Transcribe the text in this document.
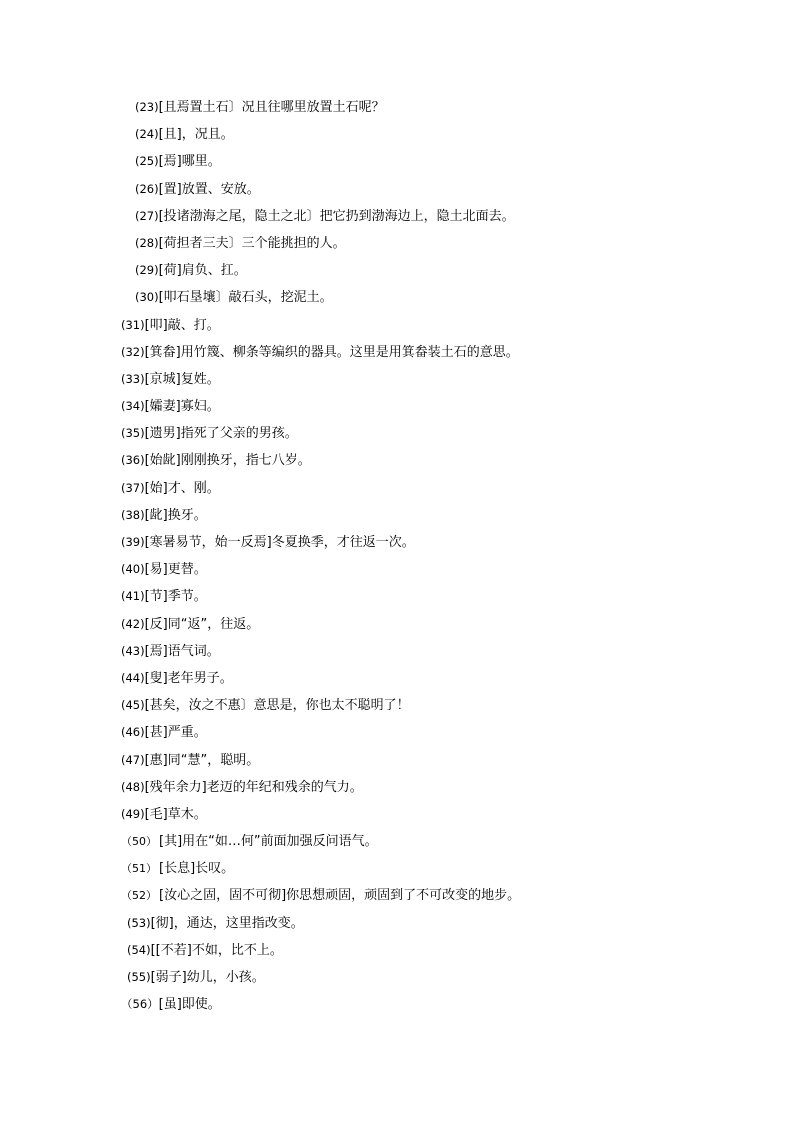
(23)[且焉置土石〕况且往哪里放置土石呢？
(24)[且]，况且。
(25)[焉]哪里。
(26)[置]放置、安放。
(27)[投诸渤海之尾，隐土之北〕把它扔到渤海边上，隐土北面去。
(28)[荷担者三夫〕三个能挑担的人。
(29)[荷]肩负、扛。
(30)[叩石垦壤〕敲石头，挖泥土。
(31)[叩]敲、打。
(32)[箕畚]用竹篾、柳条等编织的器具。这里是用箕畚装土石的意思。
(33)[京城]复姓。
(34)[孀妻]寡妇。
(35)[遗男]指死了父亲的男孩。
(36)[始龀]刚刚换牙，指七八岁。
(37)[始]才、刚。
(38)[龀]换牙。
(39)[寒暑易节，始一反焉]冬夏换季，才往返一次。
(40)[易]更替。
(41)[节]季节。
(42)[反]同“返”，往返。
(43)[焉]语气词。
(44)[叟]老年男子。
(45)[甚矣，汝之不惠〕意思是，你也太不聪明了！
(46)[甚]严重。
(47)[惠]同“慧”，聪明。
(48)[残年余力]老迈的年纪和残余的气力。
(49)[毛]草木。
（50） [其]用在“如…何”前面加强反问语气。
（51） [长息]长叹。
（52） [汝心之固，固不可彻]你思想顽固，顽固到了不可改变的地步。
(53)[彻]，通达，这里指改变。
(54)[[不若]不如，比不上。
(55)[弱子]幼儿，小孩。
（56）[虽]即使。
